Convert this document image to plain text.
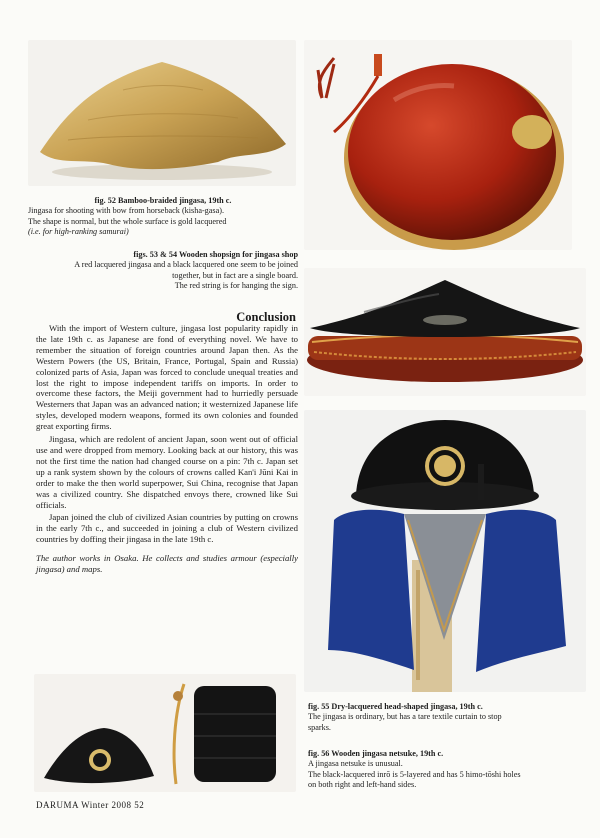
fig. 52 Bamboo-braided jingasa, 19th c.
Jingasa for shooting with bow from horseback (kisha-gasa).
The shape is normal, but the whole surface is gold lacquered
(i.e. for high-ranking samurai)
figs. 53 & 54 Wooden shopsign for jingasa shop
A red lacquered jingasa and a black lacquered one seem to be joined
together, but in fact are a single board.
The red string is for hanging the sign.
fig. 55 Dry-lacquered head-shaped jingasa, 19th c.
The jingasa is ordinary, but has a tare textile curtain to stop
sparks.
fig. 56 Wooden jingasa netsuke, 19th c.
A jingasa netsuke is unusual.
The black-lacquered inrō is 5-layered and has 5 himo-tōshi holes
on both right and left-hand sides.
Conclusion

With the import of Western culture, jingasa lost popularity rapidly in the late 19th c. as Japanese are fond of everything novel. We have to remember the situation of foreign countries around Japan then. As the Western Powers (the US, Britain, France, Portugal, Spain and Russia) colonized parts of Asia, Japan was forced to conclude unequal treaties and lost the right to impose independent tariffs on imports. In order to overcome these factors, the Meiji government had to hurriedly persuade Westerners that Japan was an advanced nation; it westernized Japanese life styles, developed modern weapons, formed its own colonies and founded great exporting firms.

Jingasa, which are redolent of ancient Japan, soon went out of official use and were dropped from memory. Looking back at our history, this was not the first time the nation had changed course on a pin: 7th c. Japan set up a rank system shown by the colours of crowns called Kan'i Jūni Kai in order to make the then world superpower, Sui China, recognise that Japan was a civilized country. She dispatched envoys there, crowned like Sui officials.

Japan joined the club of civilized Asian countries by putting on crowns in the early 7th c., and succeeded in joining a club of Western civilized countries by doffing their jingasa in the late 19th c.

The author works in Osaka. He collects and studies armour (especially jingasa) and maps.

DARUMA Winter 2008 52
